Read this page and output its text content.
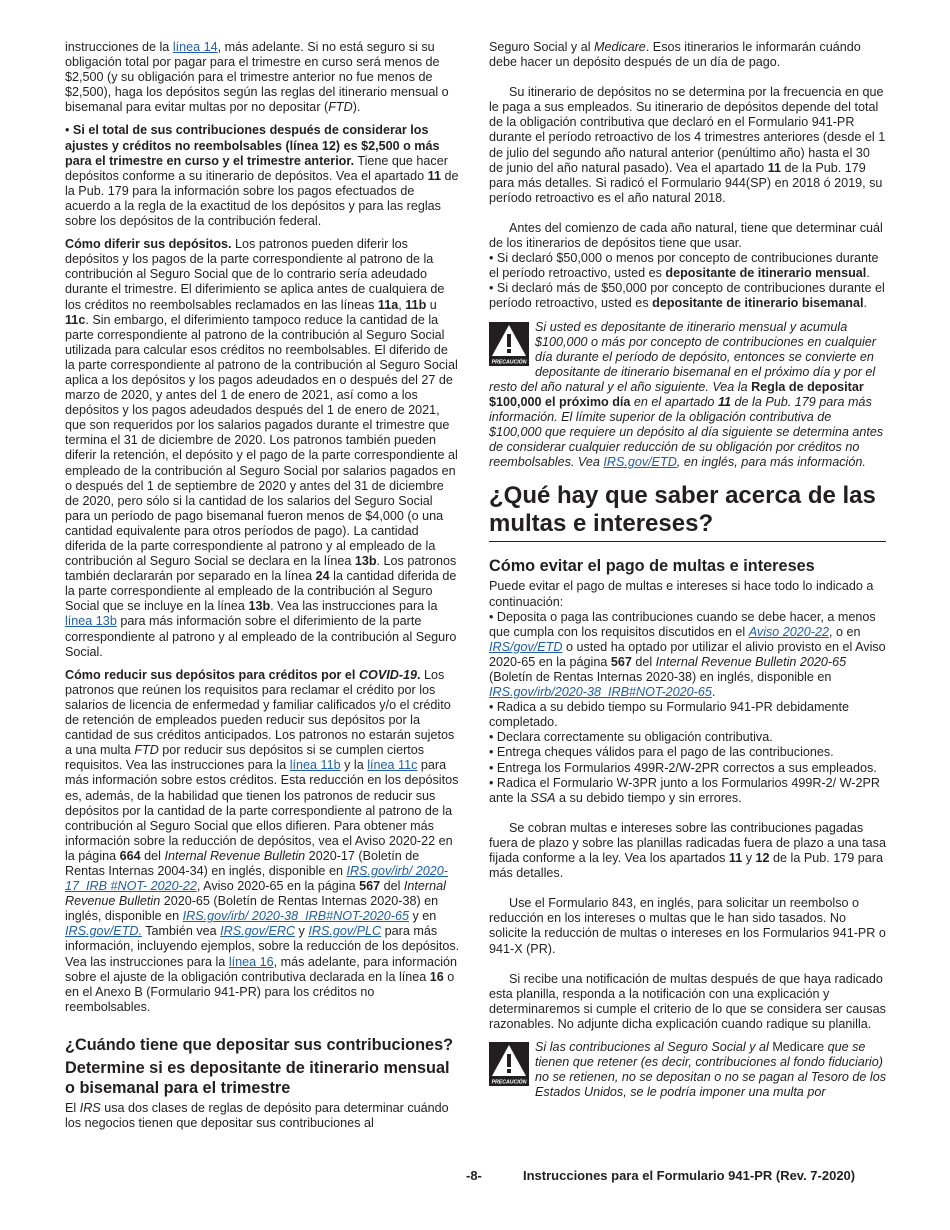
instrucciones de la línea 14, más adelante. Si no está seguro si su obligación total por pagar para el trimestre en curso será menos de $2,500 (y su obligación para el trimestre anterior no fue menos de $2,500), haga los depósitos según las reglas del itinerario mensual o bisemanal para evitar multas por no depositar (FTD).

• Si el total de sus contribuciones después de considerar los ajustes y créditos no reembolsables (línea 12) es $2,500 o más para el trimestre en curso y el trimestre anterior. Tiene que hacer depósitos conforme a su itinerario de depósitos. Vea el apartado 11 de la Pub. 179 para la información sobre los pagos efectuados de acuerdo a la regla de la exactitud de los depósitos y para las reglas sobre los depósitos de la contribución federal.

Cómo diferir sus depósitos. Los patronos pueden diferir los depósitos y los pagos de la parte correspondiente al patrono de la contribución al Seguro Social que de lo contrario sería adeudado durante el trimestre. El diferimiento se aplica antes de cualquiera de los créditos no reembolsables reclamados en las líneas 11a, 11b u 11c. Sin embargo, el diferimiento tampoco reduce la cantidad de la parte correspondiente al patrono de la contribución al Seguro Social utilizada para calcular esos créditos no reembolsables. El diferido de la parte correspondiente al patrono de la contribución al Seguro Social aplica a los depósitos y los pagos adeudados en o después del 27 de marzo de 2020, y antes del 1 de enero de 2021, así como a los depósitos y los pagos adeudados después del 1 de enero de 2021, que son requeridos por los salarios pagados durante el trimestre que termina el 31 de diciembre de 2020. Los patronos también pueden diferir la retención, el depósito y el pago de la parte correspondiente al empleado de la contribución al Seguro Social por salarios pagados en o después del 1 de septiembre de 2020 y antes del 31 de diciembre de 2020, pero sólo si la cantidad de los salarios del Seguro Social para un período de pago bisemanal fueron menos de $4,000 (o una cantidad equivalente para otros períodos de pago). La cantidad diferida de la parte correspondiente al patrono y al empleado de la contribución al Seguro Social se declara en la línea 13b. Los patronos también declararán por separado en la línea 24 la cantidad diferida de la parte correspondiente al empleado de la contribución al Seguro Social que se incluye en la línea 13b. Vea las instrucciones para la línea 13b para más información sobre el diferimiento de la parte correspondiente al patrono y al empleado de la contribución al Seguro Social.

Cómo reducir sus depósitos para créditos por el COVID-19. Los patronos que reúnen los requisitos para reclamar el crédito por los salarios de licencia de enfermedad y familiar calificados y/o el crédito de retención de empleados pueden reducir sus depósitos por la cantidad de sus créditos anticipados. Los patronos no estarán sujetos a una multa FTD por reducir sus depósitos si se cumplen ciertos requisitos. Vea las instrucciones para la línea 11b y la línea 11c para más información sobre estos créditos. Esta reducción en los depósitos es, además, de la habilidad que tienen los patronos de reducir sus depósitos por la cantidad de la parte correspondiente al patrono de la contribución al Seguro Social que ellos difieren. Para obtener más información sobre la reducción de depósitos, vea el Aviso 2020-22 en la página 664 del Internal Revenue Bulletin 2020-17 (Boletín de Rentas Internas 2004-34) en inglés, disponible en IRS.gov/irb/ 2020-17_IRB #NOT- 2020-22, Aviso 2020-65 en la página 567 del Internal Revenue Bulletin 2020-65 (Boletín de Rentas Internas 2020-38) en inglés, disponible en IRS.gov/irb/ 2020-38_IRB#NOT-2020-65 y en IRS.gov/ETD. También vea IRS.gov/ERC y IRS.gov/PLC para más información, incluyendo ejemplos, sobre la reducción de los depósitos. Vea las instrucciones para la línea 16, más adelante, para información sobre el ajuste de la obligación contributiva declarada en la línea 16 o en el Anexo B (Formulario 941-PR) para los créditos no reembolsables.

¿Cuándo tiene que depositar sus contribuciones?
Determine si es depositante de itinerario mensual o bisemanal para el trimestre

El IRS usa dos clases de reglas de depósito para determinar cuándo los negocios tienen que depositar sus contribuciones al

Seguro Social y al Medicare. Esos itinerarios le informarán cuándo debe hacer un depósito después de un día de pago.

Su itinerario de depósitos no se determina por la frecuencia en que le paga a sus empleados. Su itinerario de depósitos depende del total de la obligación contributiva que declaró en el Formulario 941-PR durante el período retroactivo de los 4 trimestres anteriores (desde el 1 de julio del segundo año natural anterior (penúltimo año) hasta el 30 de junio del año natural pasado). Vea el apartado 11 de la Pub. 179 para más detalles. Si radicó el Formulario 944(SP) en 2018 ó 2019, su período retroactivo es el año natural 2018.

Antes del comienzo de cada año natural, tiene que determinar cuál de los itinerarios de depósitos tiene que usar.

• Si declaró $50,000 o menos por concepto de contribuciones durante el período retroactivo, usted es depositante de itinerario mensual.

• Si declaró más de $50,000 por concepto de contribuciones durante el período retroactivo, usted es depositante de itinerario bisemanal.

PRECAUCIÓN
Si usted es depositante de itinerario mensual y acumula $100,000 o más por concepto de contribuciones en cualquier día durante el período de depósito, entonces se convierte en depositante de itinerario bisemanal en el próximo día y por el resto del año natural y el año siguiente. Vea la Regla de depositar $100,000 el próximo día en el apartado 11 de la Pub. 179 para más información. El límite superior de la obligación contributiva de $100,000 que requiere un depósito al día siguiente se determina antes de considerar cualquier reducción de su obligación por créditos no reembolsables. Vea IRS.gov/ETD, en inglés, para más información.
¿Qué hay que saber acerca de las multas e intereses?
Cómo evitar el pago de multas e intereses

Puede evitar el pago de multas e intereses si hace todo lo indicado a continuación:

• Deposita o paga las contribuciones cuando se debe hacer, a menos que cumpla con los requisitos discutidos en el Aviso 2020-22, o en IRS/gov/ETD o usted ha optado por utilizar el alivio provisto en el Aviso 2020-65 en la página 567 del Internal Revenue Bulletin 2020-65 (Boletín de Rentas Internas 2020-38) en inglés, disponible en IRS.gov/irb/2020-38_IRB#NOT-2020-65.

• Radica a su debido tiempo su Formulario 941-PR debidamente completado.

• Declara correctamente su obligación contributiva.

• Entrega cheques válidos para el pago de las contribuciones.

• Entrega los Formularios 499R-2/W-2PR correctos a sus empleados.

• Radica el Formulario W-3PR junto a los Formularios 499R-2/ W-2PR ante la SSA a su debido tiempo y sin errores.

Se cobran multas e intereses sobre las contribuciones pagadas fuera de plazo y sobre las planillas radicadas fuera de plazo a una tasa fijada conforme a la ley. Vea los apartados 11 y 12 de la Pub. 179 para más detalles.

Use el Formulario 843, en inglés, para solicitar un reembolso o reducción en los intereses o multas que le han sido tasados. No solicite la reducción de multas o intereses en los Formularios 941-PR o 941-X (PR).

Si recibe una notificación de multas después de que haya radicado esta planilla, responda a la notificación con una explicación y determinaremos si cumple el criterio de lo que se considera ser causas razonables. No adjunte dicha explicación cuando radique su planilla.

PRECAUCIÓN
Si las contribuciones al Seguro Social y al Medicare que se tienen que retener (es decir, contribuciones al fondo fiduciario) no se retienen, no se depositan o no se pagan al Tesoro de los Estados Unidos, se le podría imponer una multa por
-8-	Instrucciones para el Formulario 941-PR (Rev. 7-2020)
